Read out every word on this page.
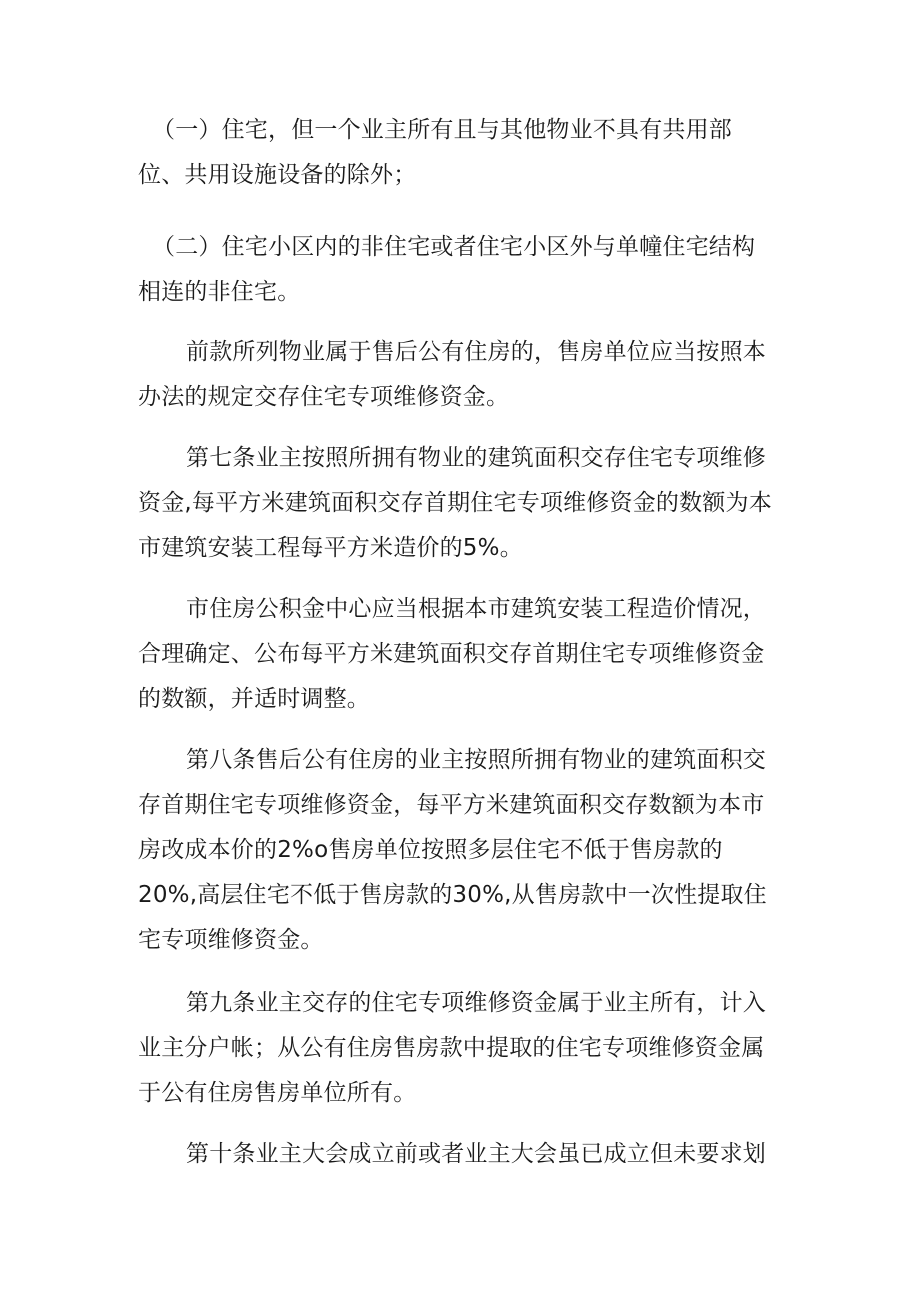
（一）住宅，但一个业主所有且与其他物业不具有共用部位、共用设施设备的除外；

（二）住宅小区内的非住宅或者住宅小区外与单幢住宅结构相连的非住宅。

前款所列物业属于售后公有住房的，售房单位应当按照本办法的规定交存住宅专项维修资金。

第七条业主按照所拥有物业的建筑面积交存住宅专项维修资金,每平方米建筑面积交存首期住宅专项维修资金的数额为本市建筑安装工程每平方米造价的5%。

市住房公积金中心应当根据本市建筑安装工程造价情况，合理确定、公布每平方米建筑面积交存首期住宅专项维修资金的数额，并适时调整。

第八条售后公有住房的业主按照所拥有物业的建筑面积交存首期住宅专项维修资金，每平方米建筑面积交存数额为本市房改成本价的2%o售房单位按照多层住宅不低于售房款的20%,高层住宅不低于售房款的30%,从售房款中一次性提取住宅专项维修资金。

第九条业主交存的住宅专项维修资金属于业主所有，计入业主分户帐；从公有住房售房款中提取的住宅专项维修资金属于公有住房售房单位所有。

第十条业主大会成立前或者业主大会虽已成立但未要求划
